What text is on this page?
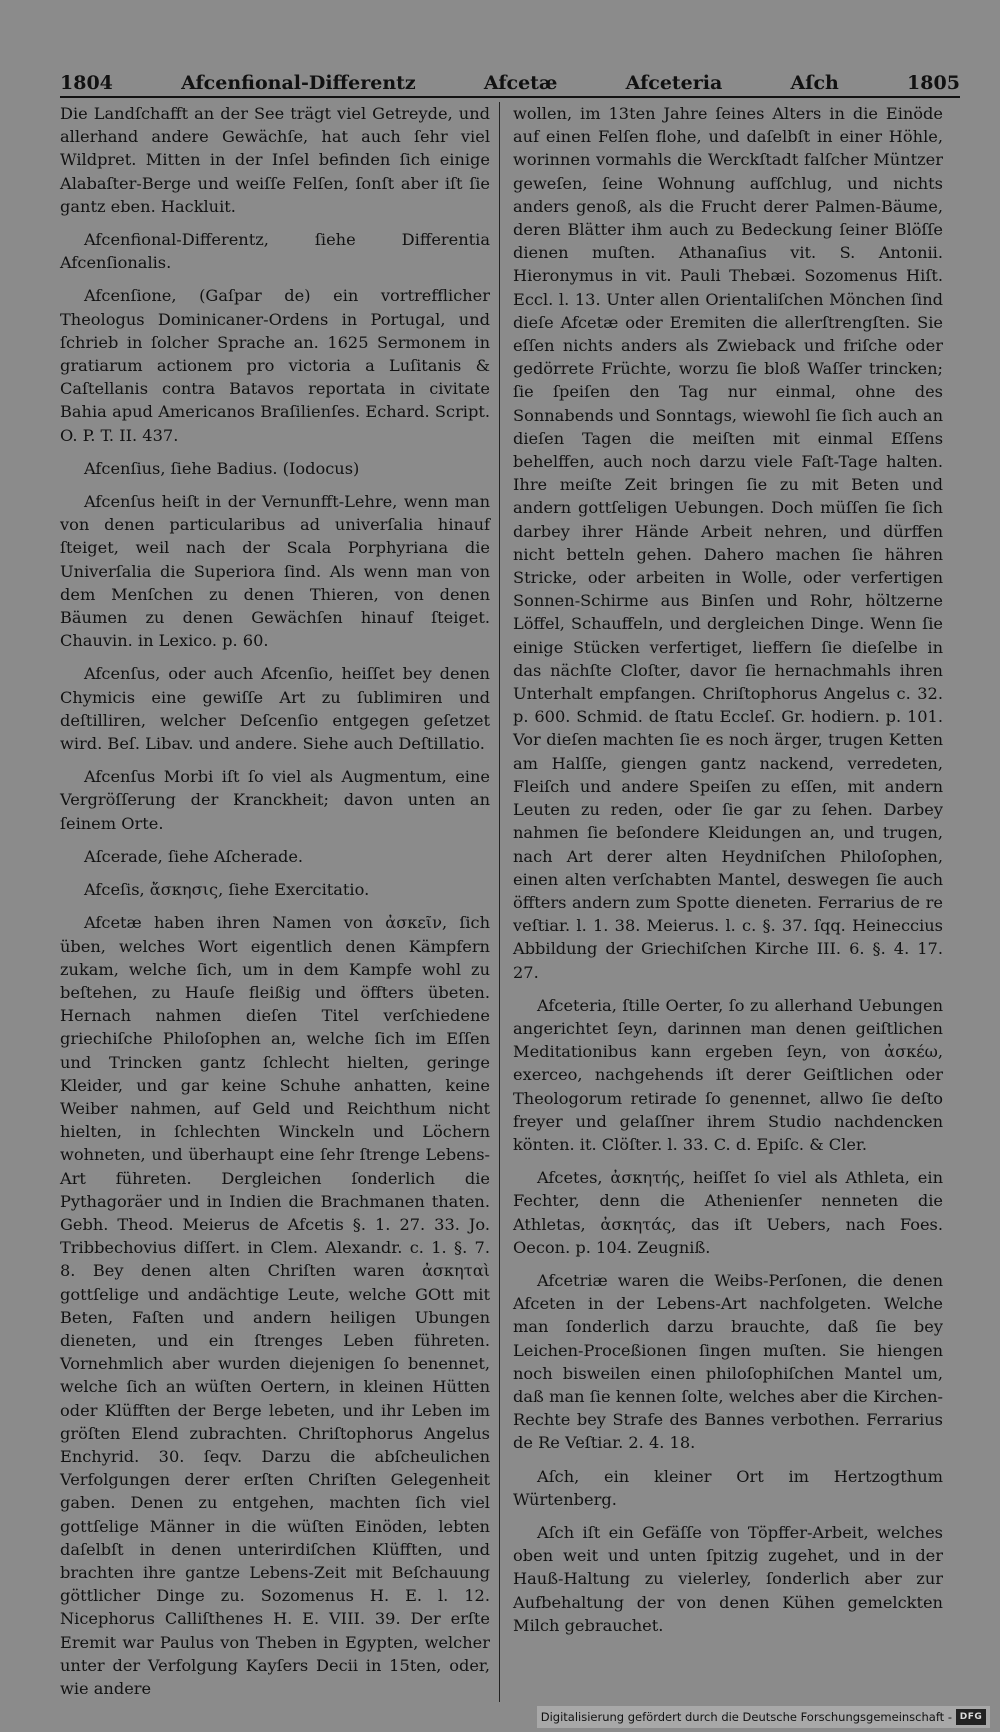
1804	Afcenfional-Differentz	Afcetæ	Afceteria	Aſch	1805

Die Landſchafft an der See trägt viel Getreyde, und allerhand andere Gewächſe, hat auch ſehr viel Wildpret. Mitten in der Inſel befinden ſich einige Alabaſter-Berge und weiſſe Felſen, ſonſt aber iſt ſie gantz eben. Hackluit.

Afcenfional-Differentz, ſiehe Differentia Afcenſionalis.

Afcenſione, (Gaſpar de) ein vortrefflicher Theologus Dominicaner-Ordens in Portugal, und ſchrieb in ſolcher Sprache an. 1625 Sermonem in gratiarum actionem pro victoria a Luſitanis & Caſtellanis contra Batavos reportata in civitate Bahia apud Americanos Braſilienſes. Echard. Script. O. P. T. II. 437.

Afcenſius, ſiehe Badius. (Iodocus)

Afcenſus heiſt in der Vernunfft-Lehre, wenn man von denen particularibus ad univerſalia hinauf ſteiget, weil nach der Scala Porphyriana die Univerſalia die Superiora ſind. Als wenn man von dem Menſchen zu denen Thieren, von denen Bäumen zu denen Gewächſen hinauf ſteiget. Chauvin. in Lexico. p. 60.

Afcenſus, oder auch Afcenſio, heiſſet bey denen Chymicis eine gewiſſe Art zu ſublimiren und deſtilliren, welcher Deſcenſio entgegen geſetzet wird. Beſ. Libav. und andere. Siehe auch Deſtillatio.

Afcenſus Morbi iſt ſo viel als Augmentum, eine Vergröſſerung der Kranckheit; davon unten an ſeinem Orte.

Aſcerade, ſiehe Aſcherade.

Afceſis, ἄσκησις, ſiehe Exercitatio.

Afcetæ haben ihren Namen von ἀσκεῖν, ſich üben, welches Wort eigentlich denen Kämpfern zukam, welche ſich, um in dem Kampfe wohl zu beſtehen, zu Hauſe fleißig und öffters übeten. Hernach nahmen dieſen Titel verſchiedene griechiſche Philoſophen an, welche ſich im Eſſen und Trincken gantz ſchlecht hielten, geringe Kleider, und gar keine Schuhe anhatten, keine Weiber nahmen, auf Geld und Reichthum nicht hielten, in ſchlechten Winckeln und Löchern wohneten, und überhaupt eine ſehr ſtrenge Lebens-Art führeten. Dergleichen ſonderlich die Pythagoräer und in Indien die Brachmanen thaten. Gebh. Theod. Meierus de Afcetis §. 1. 27. 33. Jo. Tribbechovius diſſert. in Clem. Alexandr. c. 1. §. 7. 8. Bey denen alten Chriſten waren ἀσκηταὶ gottſelige und andächtige Leute, welche GOtt mit Beten, Faſten und andern heiligen Ubungen dieneten, und ein ſtrenges Leben führeten. Vornehmlich aber wurden diejenigen ſo benennet, welche ſich an wüſten Oertern, in kleinen Hütten oder Klüfften der Berge lebeten, und ihr Leben im gröſten Elend zubrachten. Chriſtophorus Angelus Enchyrid. 30. ſeqv. Darzu die abſcheulichen Verfolgungen derer erſten Chriſten Gelegenheit gaben. Denen zu entgehen, machten ſich viel gottſelige Männer in die wüſten Einöden, lebten daſelbſt in denen unterirdiſchen Klüfften, und brachten ihre gantze Lebens-Zeit mit Beſchauung göttlicher Dinge zu. Sozomenus H. E. l. 12. Nicephorus Calliſthenes H. E. VIII. 39. Der erſte Eremit war Paulus von Theben in Egypten, welcher unter der Verfolgung Kayſers Decii in 15ten, oder, wie andere

wollen, im 13ten Jahre ſeines Alters in die Einöde auf einen Felſen flohe, und daſelbſt in einer Höhle, worinnen vormahls die Werckſtadt falſcher Müntzer geweſen, ſeine Wohnung aufſchlug, und nichts anders genoß, als die Frucht derer Palmen-Bäume, deren Blätter ihm auch zu Bedeckung ſeiner Blöſſe dienen muſten. Athanaſius vit. S. Antonii. Hieronymus in vit. Pauli Thebæi. Sozomenus Hiſt. Eccl. l. 13. Unter allen Orientaliſchen Mönchen ſind dieſe Afcetæ oder Eremiten die allerſtrengſten. Sie eſſen nichts anders als Zwieback und friſche oder gedörrete Früchte, worzu ſie bloß Waſſer trincken; ſie ſpeiſen den Tag nur einmal, ohne des Sonnabends und Sonntags, wiewohl ſie ſich auch an dieſen Tagen die meiſten mit einmal Eſſens behelffen, auch noch darzu viele Faſt-Tage halten. Ihre meiſte Zeit bringen ſie zu mit Beten und andern gottſeligen Uebungen. Doch müſſen ſie ſich darbey ihrer Hände Arbeit nehren, und dürffen nicht betteln gehen. Dahero machen ſie hähren Stricke, oder arbeiten in Wolle, oder verfertigen Sonnen-Schirme aus Binſen und Rohr, höltzerne Löffel, Schauffeln, und dergleichen Dinge. Wenn ſie einige Stücken verfertiget, lieffern ſie dieſelbe in das nächſte Cloſter, davor ſie hernachmahls ihren Unterhalt empfangen. Chriſtophorus Angelus c. 32. p. 600. Schmid. de ſtatu Eccleſ. Gr. hodiern. p. 101. Vor dieſen machten ſie es noch ärger, trugen Ketten am Halſſe, giengen gantz nackend, verredeten, Fleiſch und andere Speiſen zu eſſen, mit andern Leuten zu reden, oder ſie gar zu ſehen. Darbey nahmen ſie beſondere Kleidungen an, und trugen, nach Art derer alten Heydniſchen Philoſophen, einen alten verſchabten Mantel, deswegen ſie auch öffters andern zum Spotte dieneten. Ferrarius de re veſtiar. l. 1. 38. Meierus. l. c. §. 37. ſqq. Heineccius Abbildung der Griechiſchen Kirche III. 6. §. 4. 17. 27.

Afceteria, ſtille Oerter, ſo zu allerhand Uebungen angerichtet ſeyn, darinnen man denen geiſtlichen Meditationibus kann ergeben ſeyn, von ἀσκέω, exerceo, nachgehends iſt derer Geiſtlichen oder Theologorum retirade ſo genennet, allwo ſie deſto freyer und gelaſſner ihrem Studio nachdencken könten. it. Clöſter. l. 33. C. d. Epiſc. & Cler.

Afcetes, ἀσκητής, heiſſet ſo viel als Athleta, ein Fechter, denn die Athenienſer nenneten die Athletas, ἀσκητάς, das iſt Uebers, nach Foes. Oecon. p. 104. Zeugniß.

Afcetriæ waren die Weibs-Perſonen, die denen Afceten in der Lebens-Art nachfolgeten. Welche man ſonderlich darzu brauchte, daß ſie bey Leichen-Proceßionen ſingen muſten. Sie hiengen noch bisweilen einen philoſophiſchen Mantel um, daß man ſie kennen ſolte, welches aber die Kirchen-Rechte bey Strafe des Bannes verbothen. Ferrarius de Re Veſtiar. 2. 4. 18.

Aſch, ein kleiner Ort im Hertzogthum Würtenberg.

Aſch iſt ein Gefäſſe von Töpffer-Arbeit, welches oben weit und unten ſpitzig zugehet, und in der Hauß-Haltung zu vielerley, ſonderlich aber zur Aufbehaltung der von denen Kühen gemelckten Milch gebrauchet.

Digitalisierung gefördert durch die Deutsche Forschungsgemeinschaft - DFG
